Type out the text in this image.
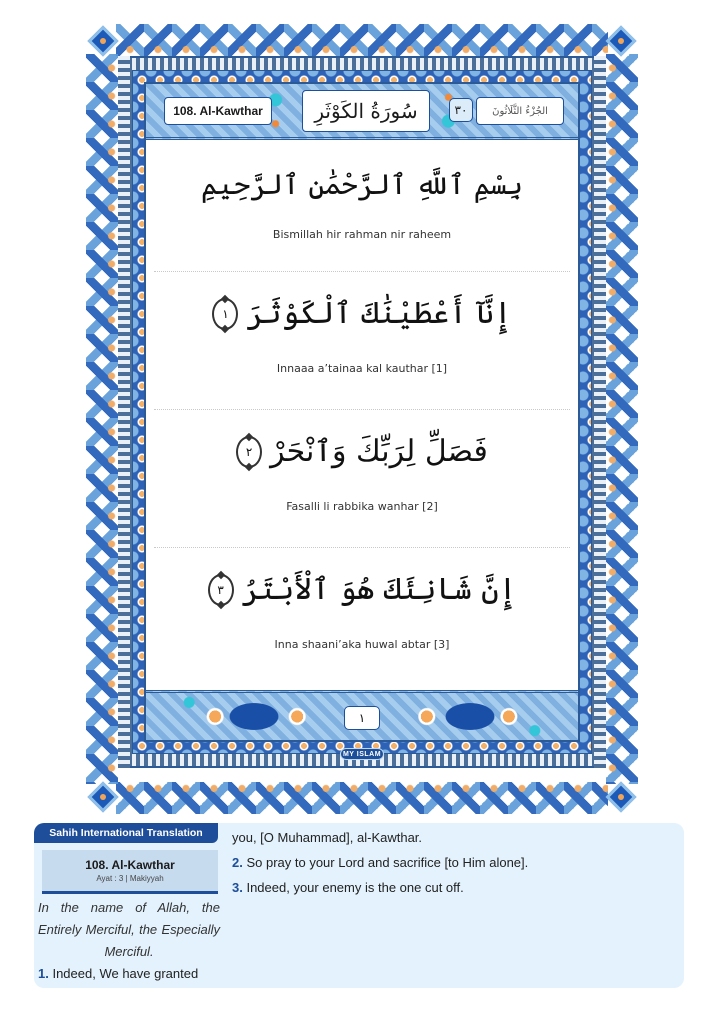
108. Al-Kawthar	سُورَةُ الكَوْثَرِ	٣٠	الجُزْءُ الثَّلَاثُونَ
بِسْمِ ٱللَّهِ ٱلرَّحْمَٰنِ ٱلرَّحِيمِ
Bismillah hir rahman nir raheem
إِنَّآ أَعْطَيْنَٰكَ ٱلْكَوْثَرَ
١
Innaaa a’tainaa kal kauthar [1]
فَصَلِّ لِرَبِّكَ وَٱنْحَرْ
٢
Fasalli li rabbika wanhar [2]
إِنَّ شَانِئَكَ هُوَ ٱلْأَبْتَرُ
٣
Inna shaani’aka huwal abtar [3]
١
MY ISLAM
Sahih International Translation
108. Al-Kawthar
Ayat : 3 | Makiyyah
In the name of Allah, the Entirely Merciful, the Especially Merciful.
1. Indeed, We have granted
you, [O Muhammad], al-Kawthar.
2. So pray to your Lord and sacrifice [to Him alone].
3. Indeed, your enemy is the one cut off.
